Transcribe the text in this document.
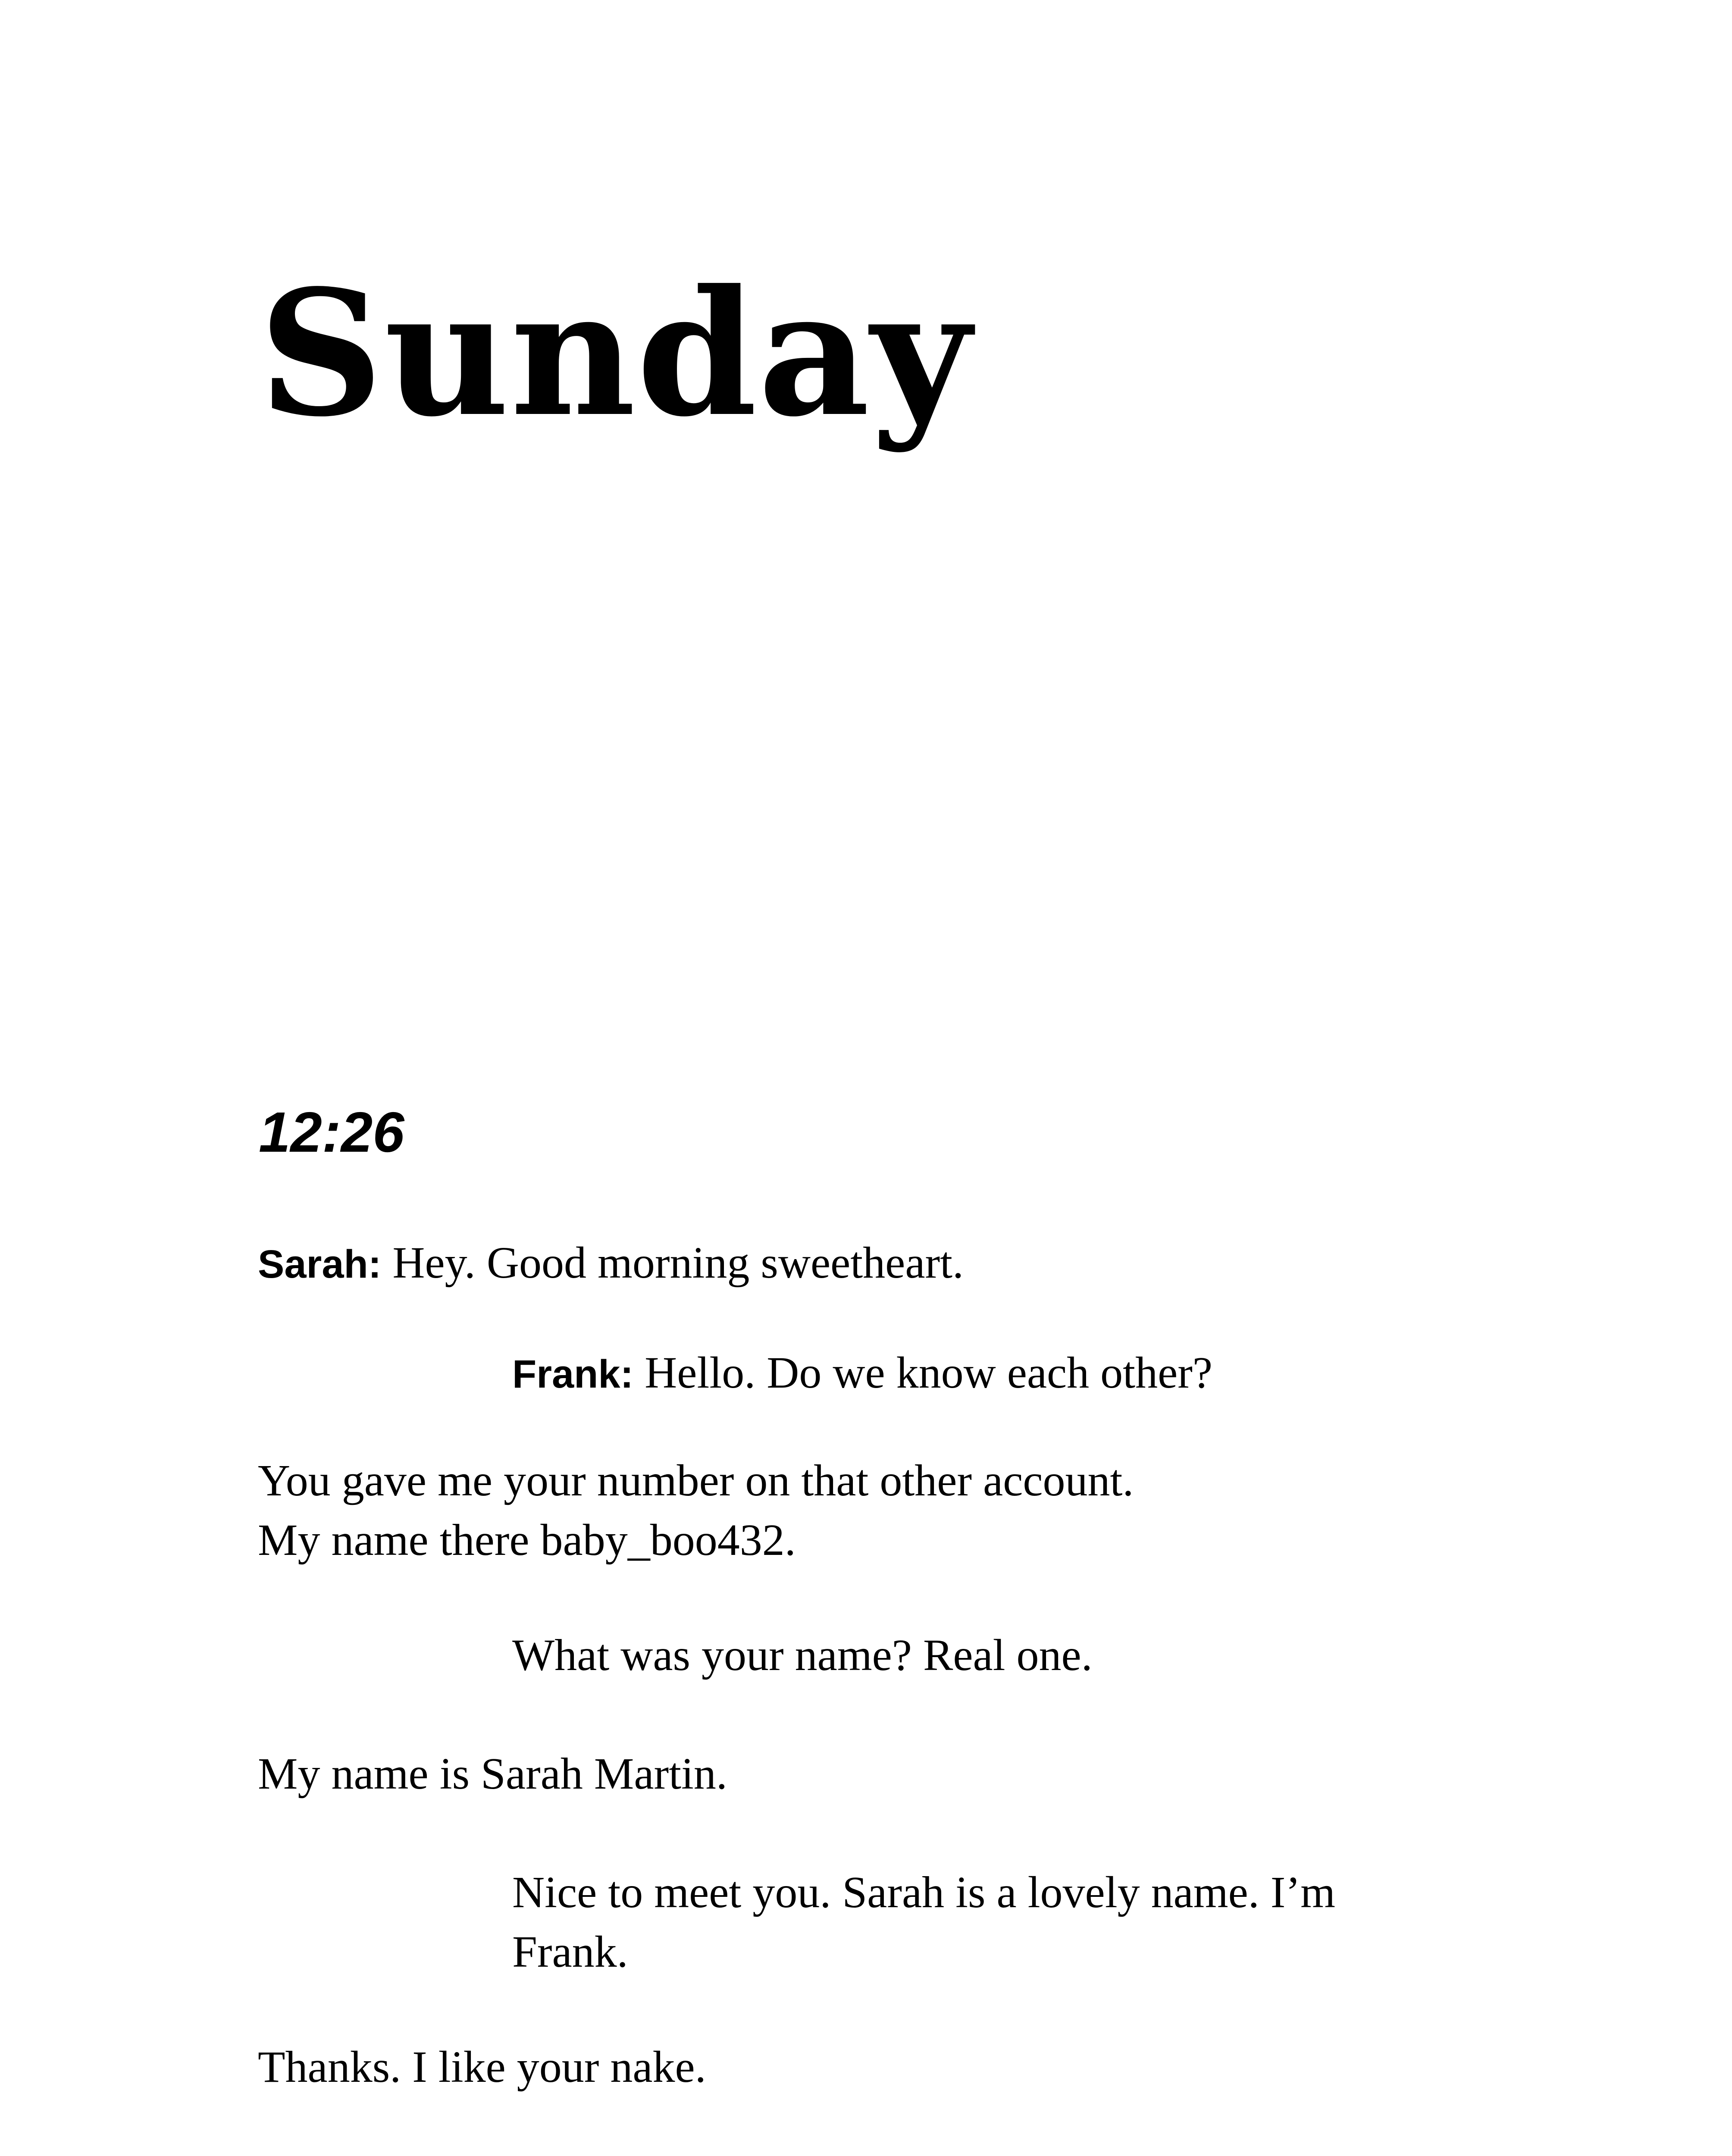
Sunday
12:26

Sarah: Hey. Good morning sweetheart.

Frank: Hello. Do we know each other?

You gave me your number on that other account.
My name there baby_boo432.

What was your name? Real one.

My name is Sarah Martin.

Nice to meet you. Sarah is a lovely name. I’m
Frank.

Thanks. I like your nake.
